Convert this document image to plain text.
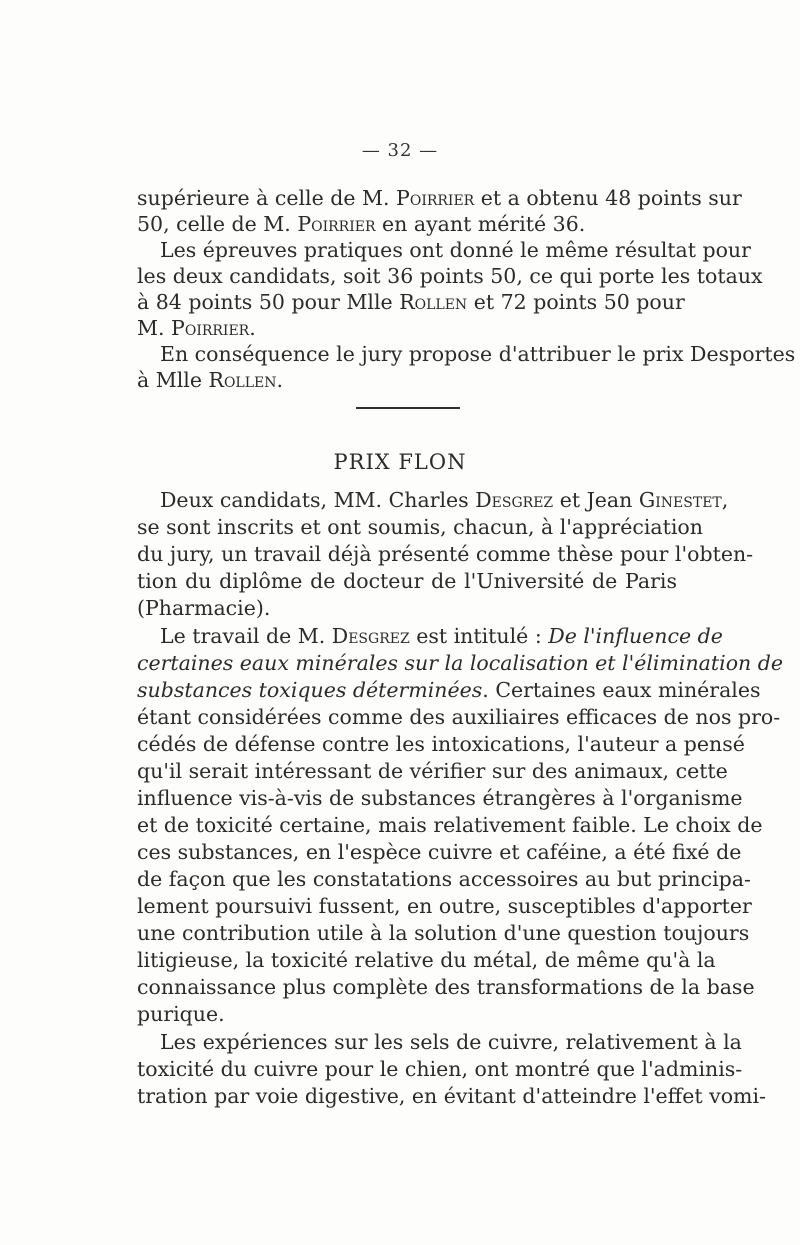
— 32 —
supérieure à celle de M. Poirrier et a obtenu 48 points sur
50, celle de M. Poirrier en ayant mérité 36.
Les épreuves pratiques ont donné le même résultat pour
les deux candidats, soit 36 points 50, ce qui porte les totaux
à 84 points 50 pour Mlle Rollen et 72 points 50 pour
M. Poirrier.
En conséquence le jury propose d'attribuer le prix Desportes
à Mlle Rollen.
PRIX FLON
Deux candidats, MM. Charles Desgrez et Jean Ginestet,
se sont inscrits et ont soumis, chacun, à l'appréciation
du jury, un travail déjà présenté comme thèse pour l'obten-
tion du diplôme de docteur de l'Université de Paris
(Pharmacie).
Le travail de M. Desgrez est intitulé : De l'influence de
certaines eaux minérales sur la localisation et l'élimination de
substances toxiques déterminées. Certaines eaux minérales
étant considérées comme des auxiliaires efficaces de nos pro-
cédés de défense contre les intoxications, l'auteur a pensé
qu'il serait intéressant de vérifier sur des animaux, cette
influence vis-à-vis de substances étrangères à l'organisme
et de toxicité certaine, mais relativement faible. Le choix de
ces substances, en l'espèce cuivre et caféine, a été fixé de
de façon que les constatations accessoires au but principa-
lement poursuivi fussent, en outre, susceptibles d'apporter
une contribution utile à la solution d'une question toujours
litigieuse, la toxicité relative du métal, de même qu'à la
connaissance plus complète des transformations de la base
purique.
Les expériences sur les sels de cuivre, relativement à la
toxicité du cuivre pour le chien, ont montré que l'adminis-
tration par voie digestive, en évitant d'atteindre l'effet vomi-
